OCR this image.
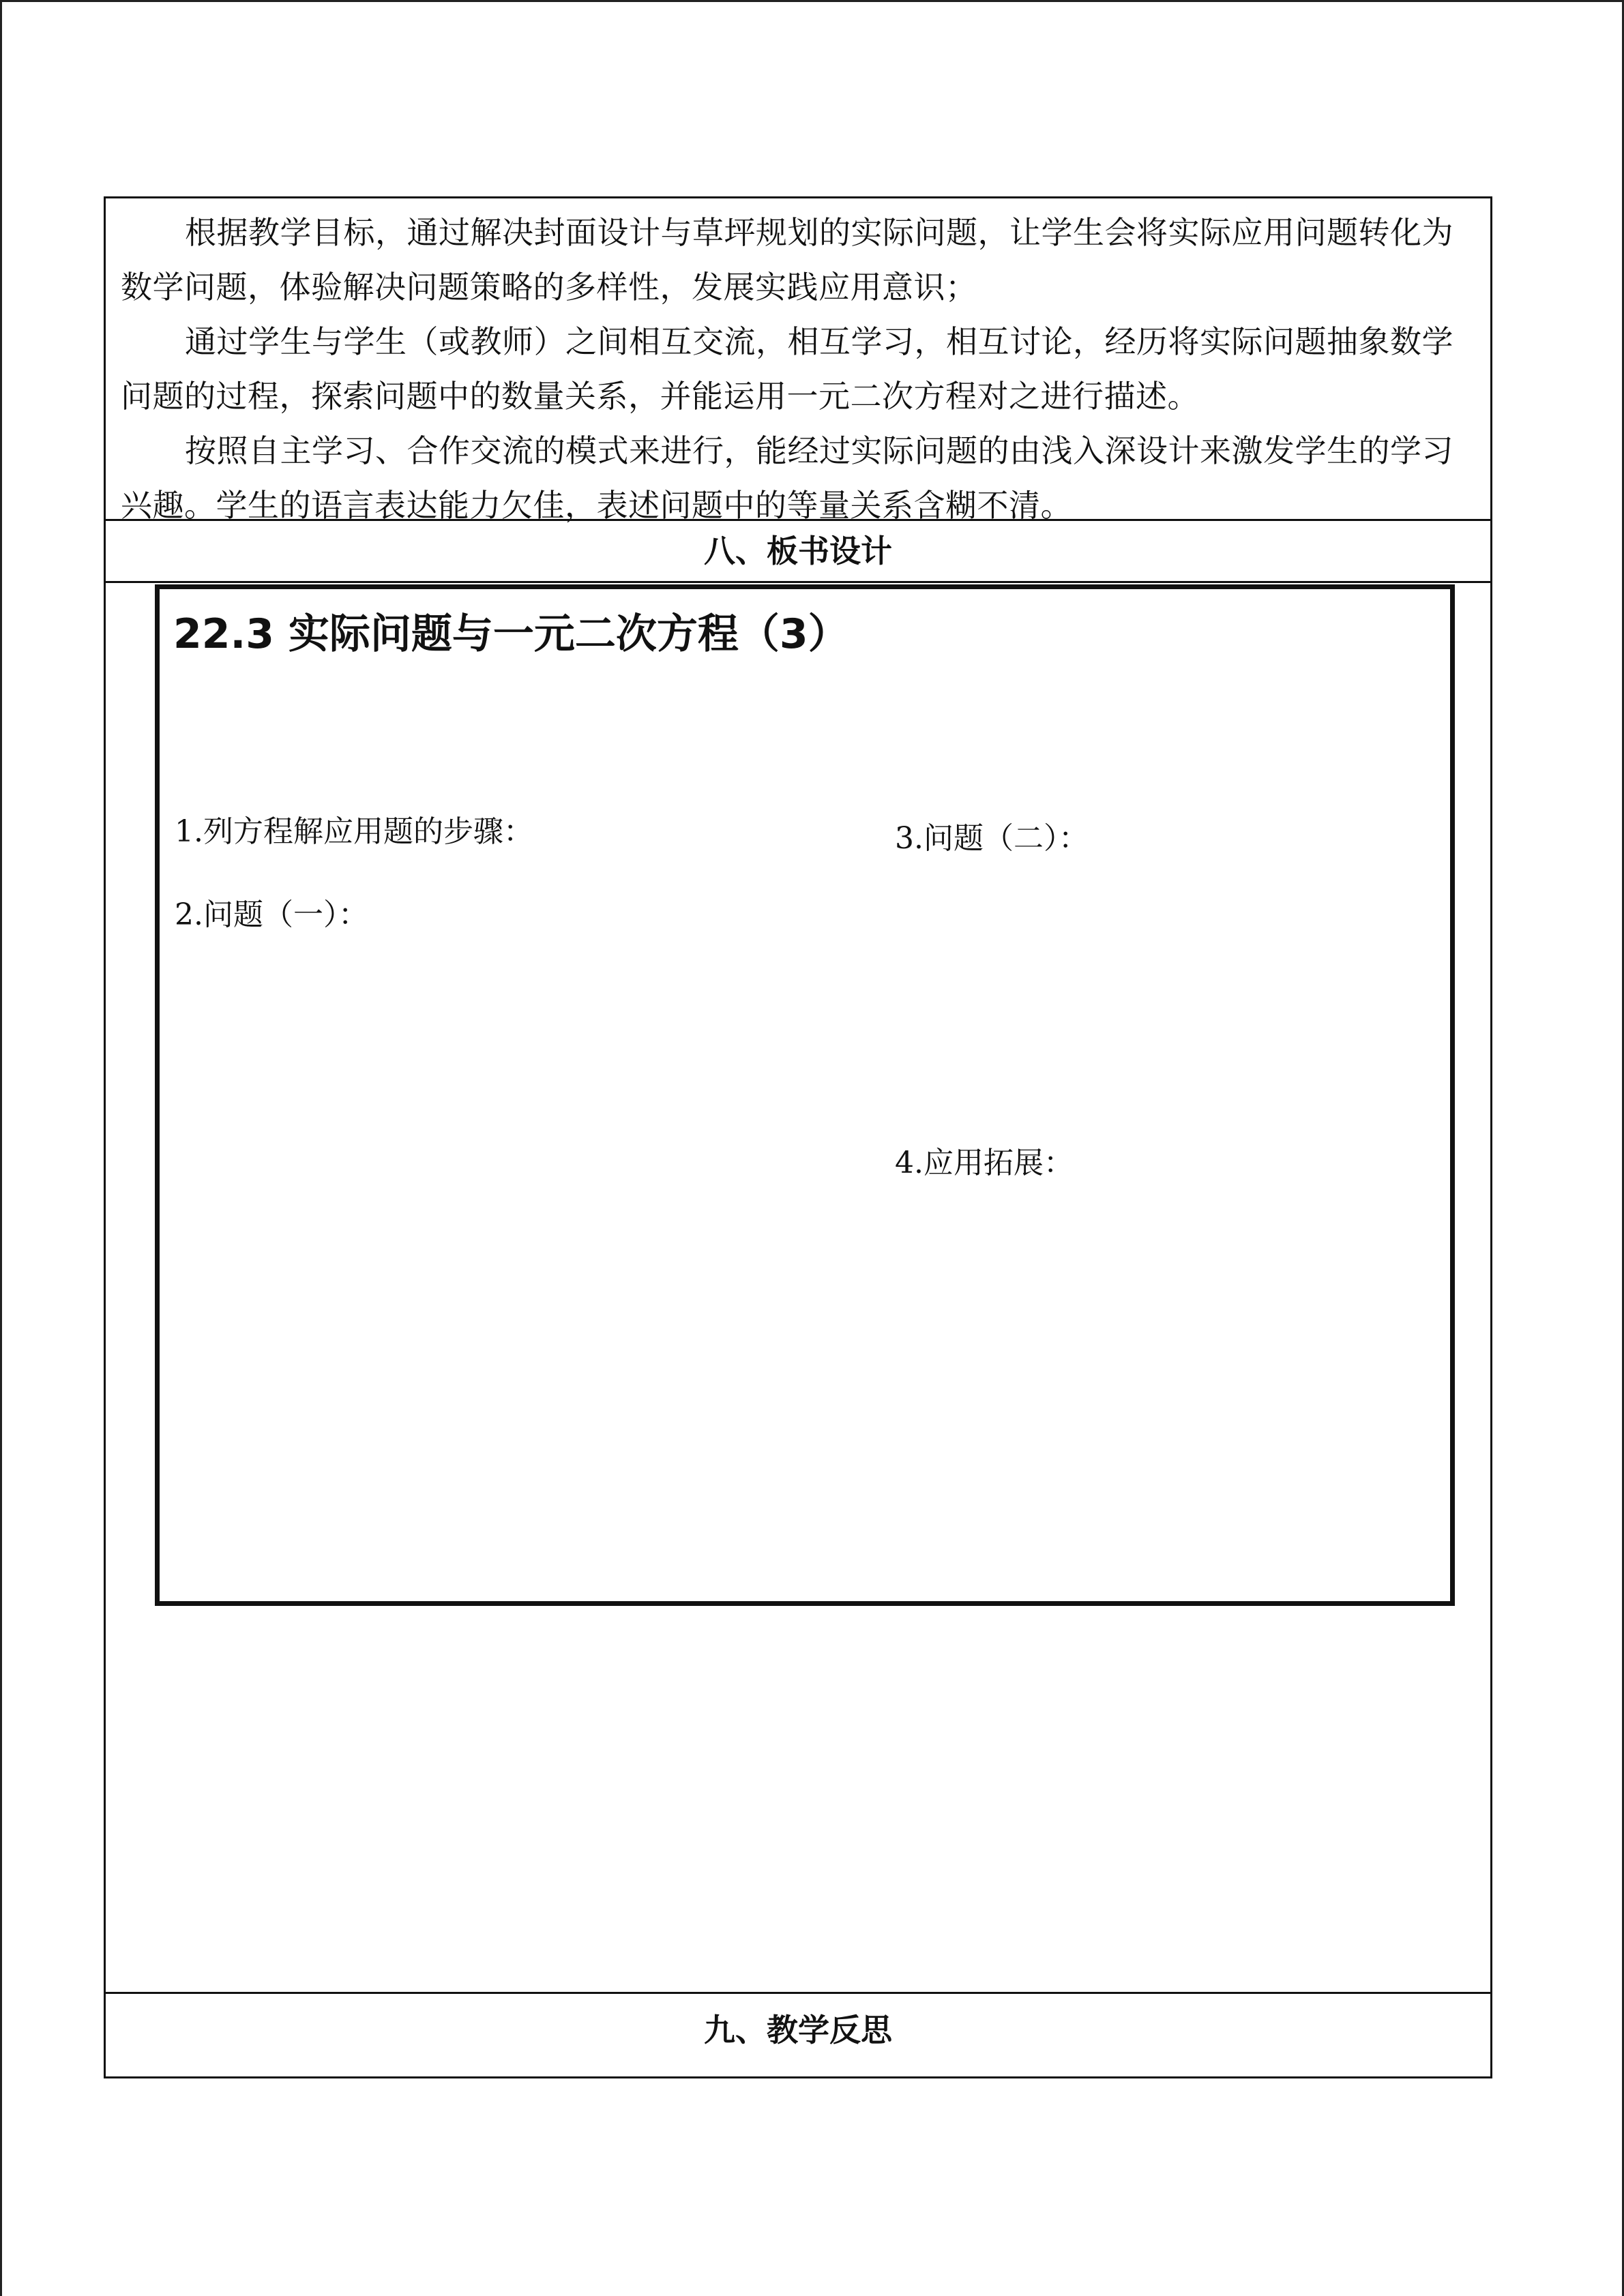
根据教学目标，通过解决封面设计与草坪规划的实际问题，让学生会将实际应用问题转化为数学问题，体验解决问题策略的多样性，发展实践应用意识；

通过学生与学生（或教师）之间相互交流，相互学习，相互讨论，经历将实际问题抽象数学问题的过程，探索问题中的数量关系，并能运用一元二次方程对之进行描述。

按照自主学习、合作交流的模式来进行，能经过实际问题的由浅入深设计来激发学生的学习兴趣。学生的语言表达能力欠佳，表述问题中的等量关系含糊不清。

八、板书设计
22.3 实际问题与一元二次方程（3）

1.列方程解应用题的步骤：

2.问题（一）：

3.问题（二）：

4.应用拓展：

九、教学反思
